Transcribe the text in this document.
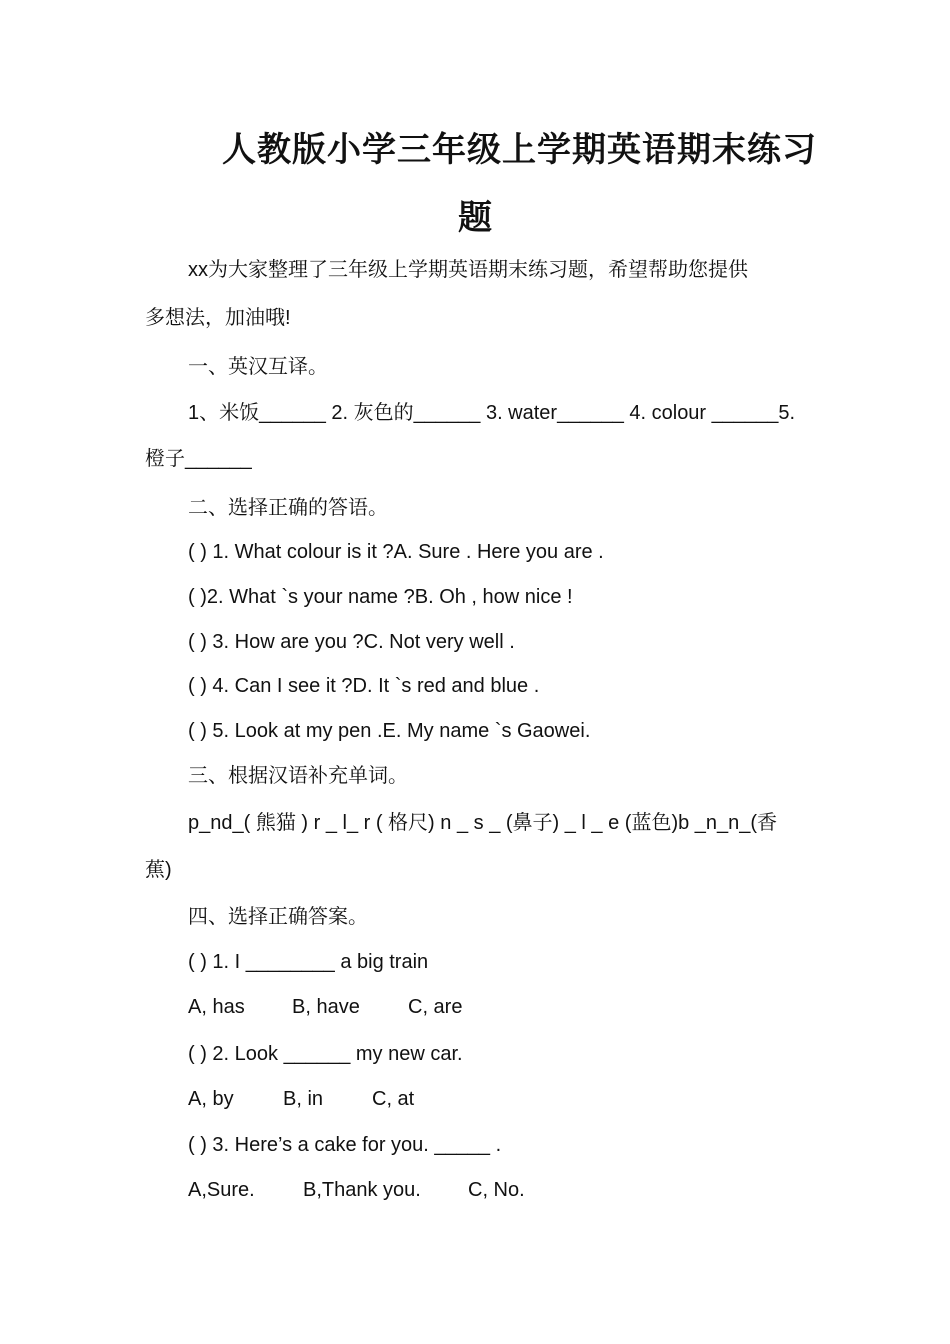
人教版小学三年级上学期英语期末练习
题
xx为大家整理了三年级上学期英语期末练习题，希望帮助您提供
多想法，加油哦!
一、英汉互译。
1、米饭______ 2. 灰色的______ 3. water______ 4. colour ______5.
橙子______
二、选择正确的答语。
( ) 1. What colour is it ?A. Sure . Here you are .
( )2. What `s your name ?B. Oh , how nice !
( ) 3. How are you ?C. Not very well .
( ) 4. Can I see it ?D. It `s red and blue .
( ) 5. Look at my pen .E. My name `s Gaowei.
三、根据汉语补充单词。
p_nd_( 熊猫 ) r _ l_ r ( 格尺) n _ s _ (鼻子) _ l _ e (蓝色)b _n_n_(香
蕉)
四、选择正确答案。
( ) 1. I ________ a big train
A, has B, have C, are
( ) 2. Look ______ my new car.
A, by B, in C, at
( ) 3. Here’s a cake for you. _____ .
A,Sure. B,Thank you. C, No.
